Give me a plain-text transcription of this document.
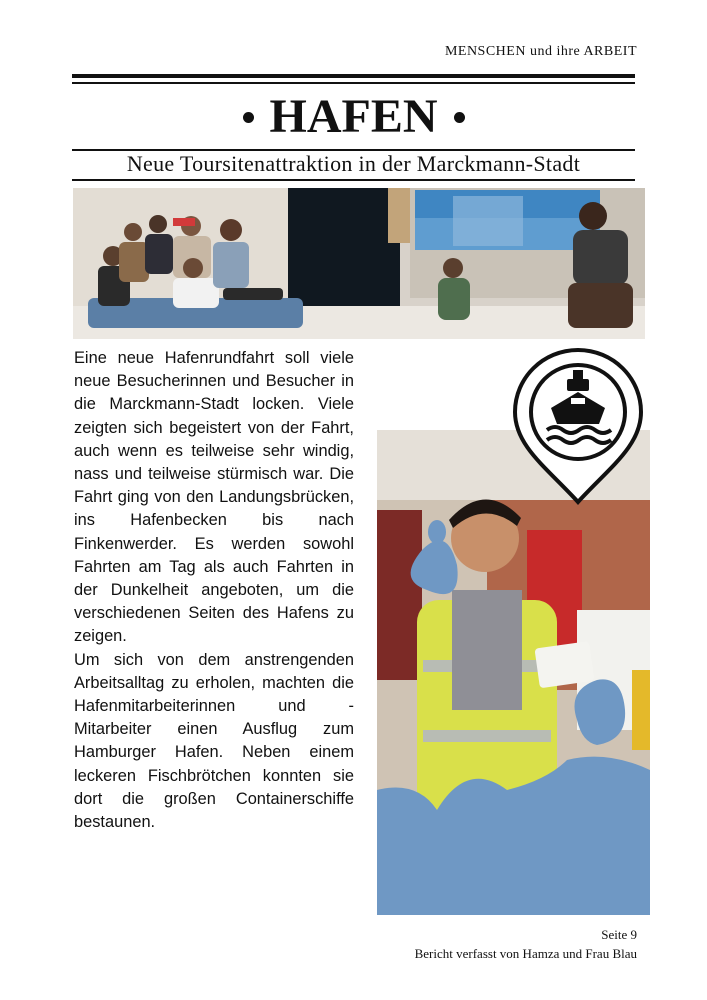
MENSCHEN und ihre ARBEIT
HAFEN
Neue Toursitenattraktion in der Marckmann-Stadt

Eine neue Hafenrundfahrt soll viele neue Besucherinnen und Besucher in die Marckmann-Stadt locken. Viele zeigten sich begeistert von der Fahrt, auch wenn es teilweise sehr windig, nass und teilweise stürmisch war. Die Fahrt ging von den Landungsbrücken, ins Hafenbecken bis nach Finkenwerder. Es werden sowohl Fahrten am Tag als auch Fahrten in der Dunkelheit angeboten, um die verschiedenen Seiten des Hafens zu zeigen.

Um sich von dem anstrengenden Arbeitsalltag zu erholen, machten die Hafenmitarbeiterinnen und -Mitarbeiter einen Ausflug zum Hamburger Hafen. Neben einem leckeren Fischbrötchen konnten sie dort die großen Containerschiffe bestaunen.

Seite 9
Bericht verfasst von Hamza und Frau Blau
